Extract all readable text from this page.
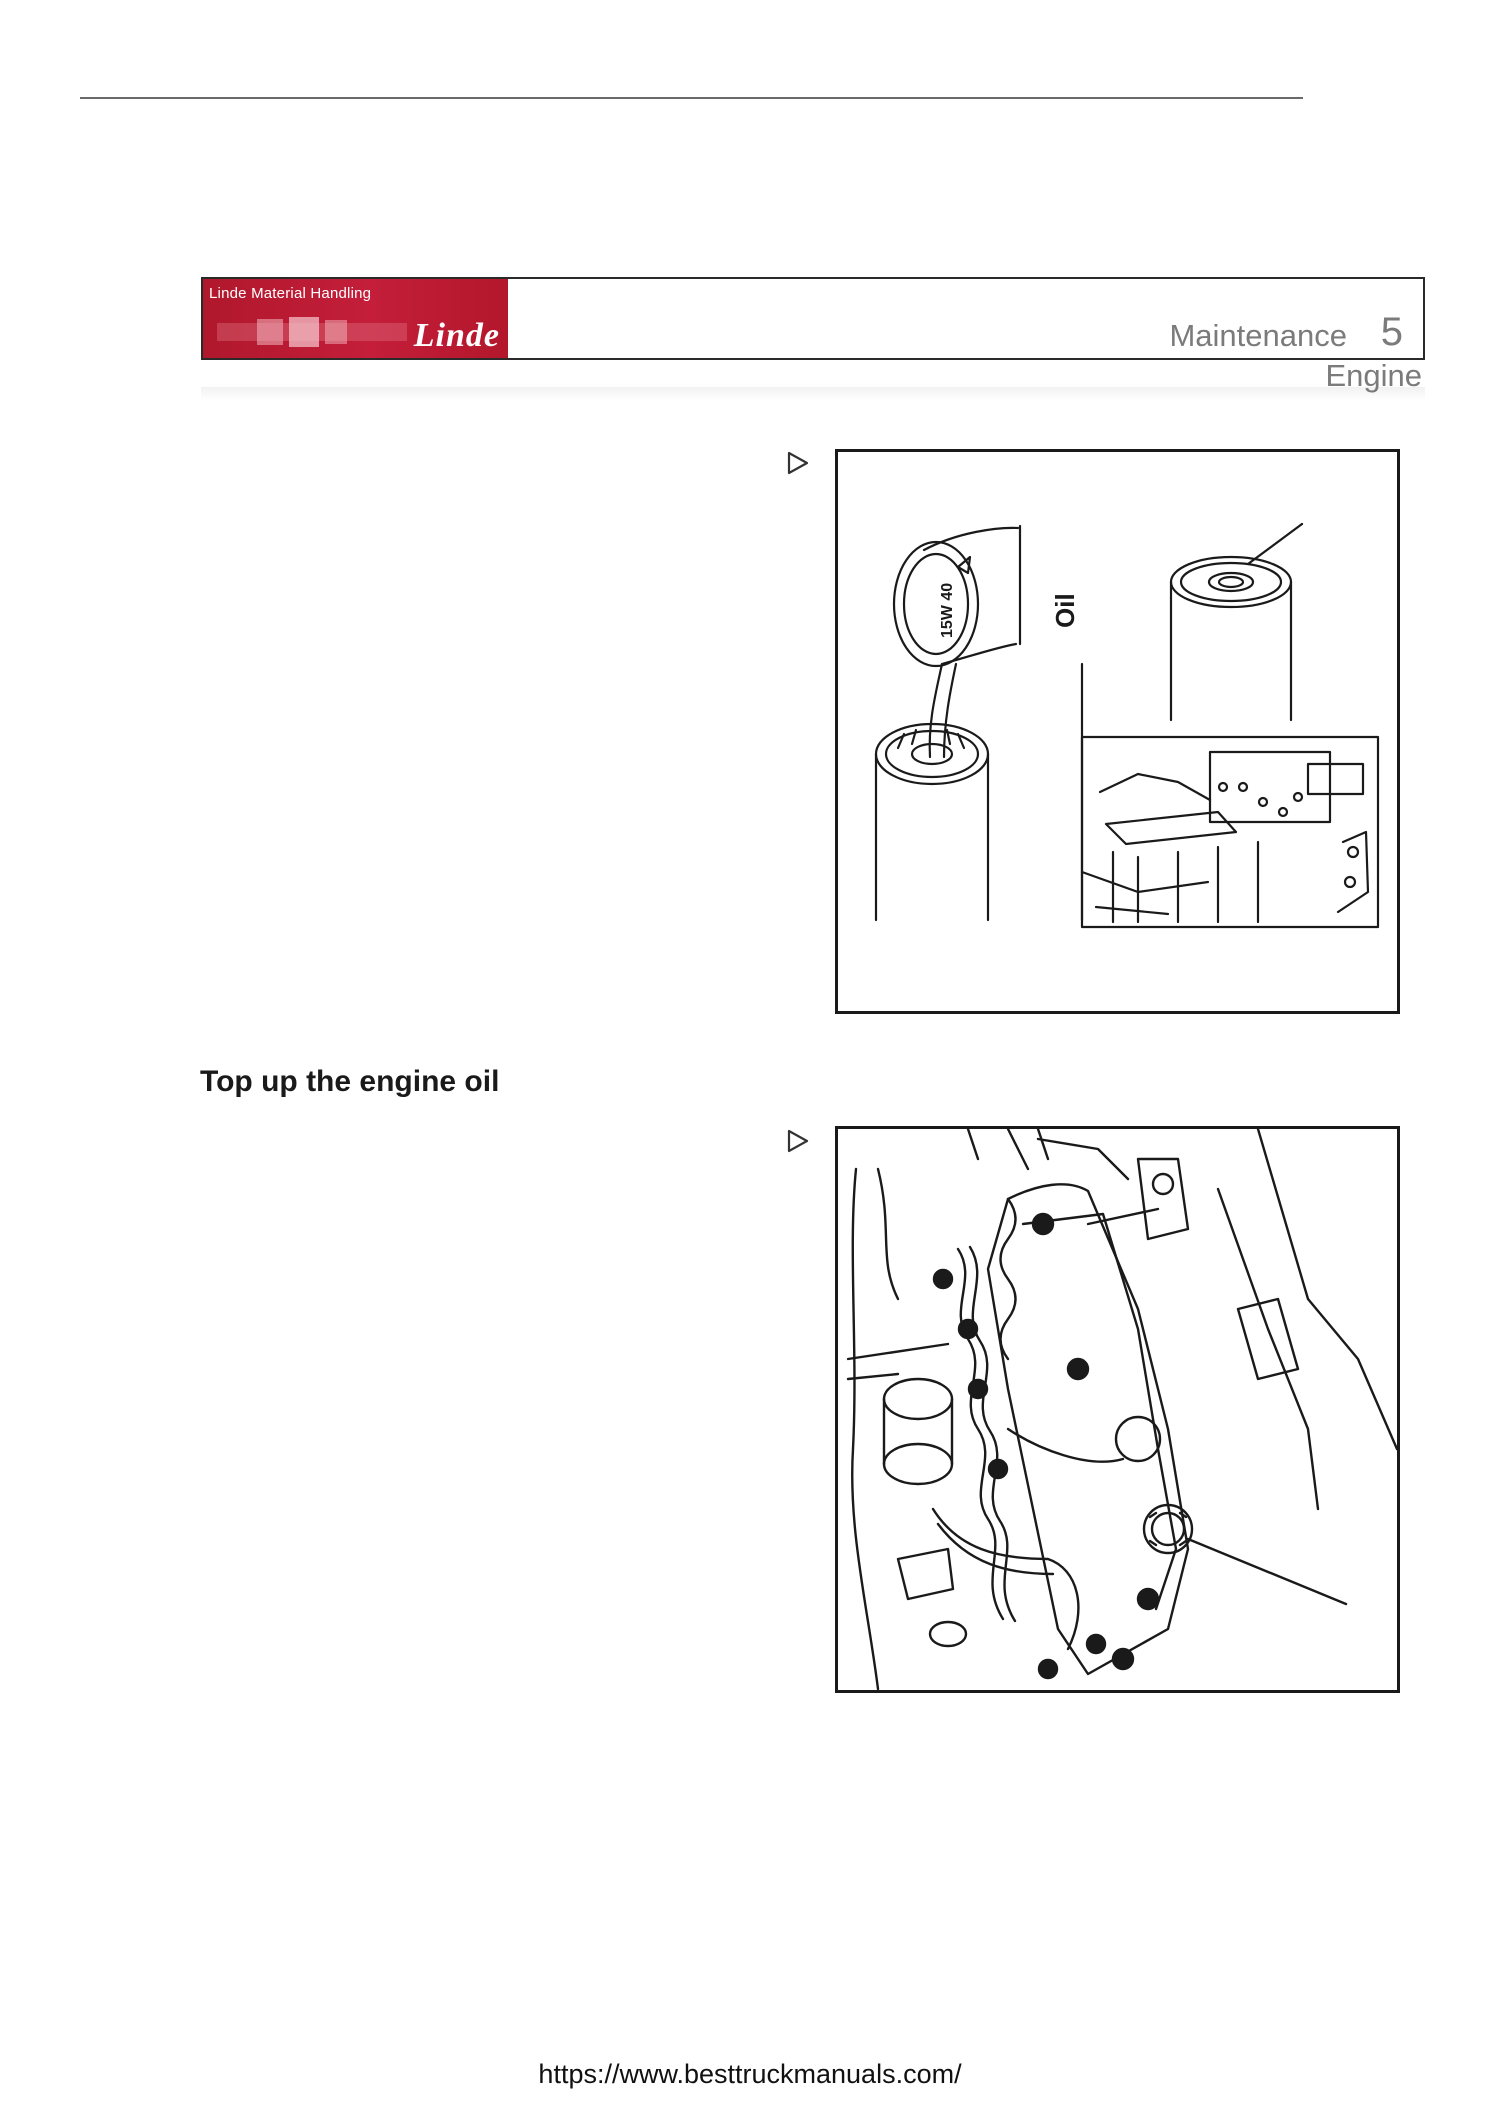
Linde Material Handling
Linde	Maintenance 5
Engine
Oil
15W 40
Top up the engine oil
https://www.besttruckmanuals.com/
